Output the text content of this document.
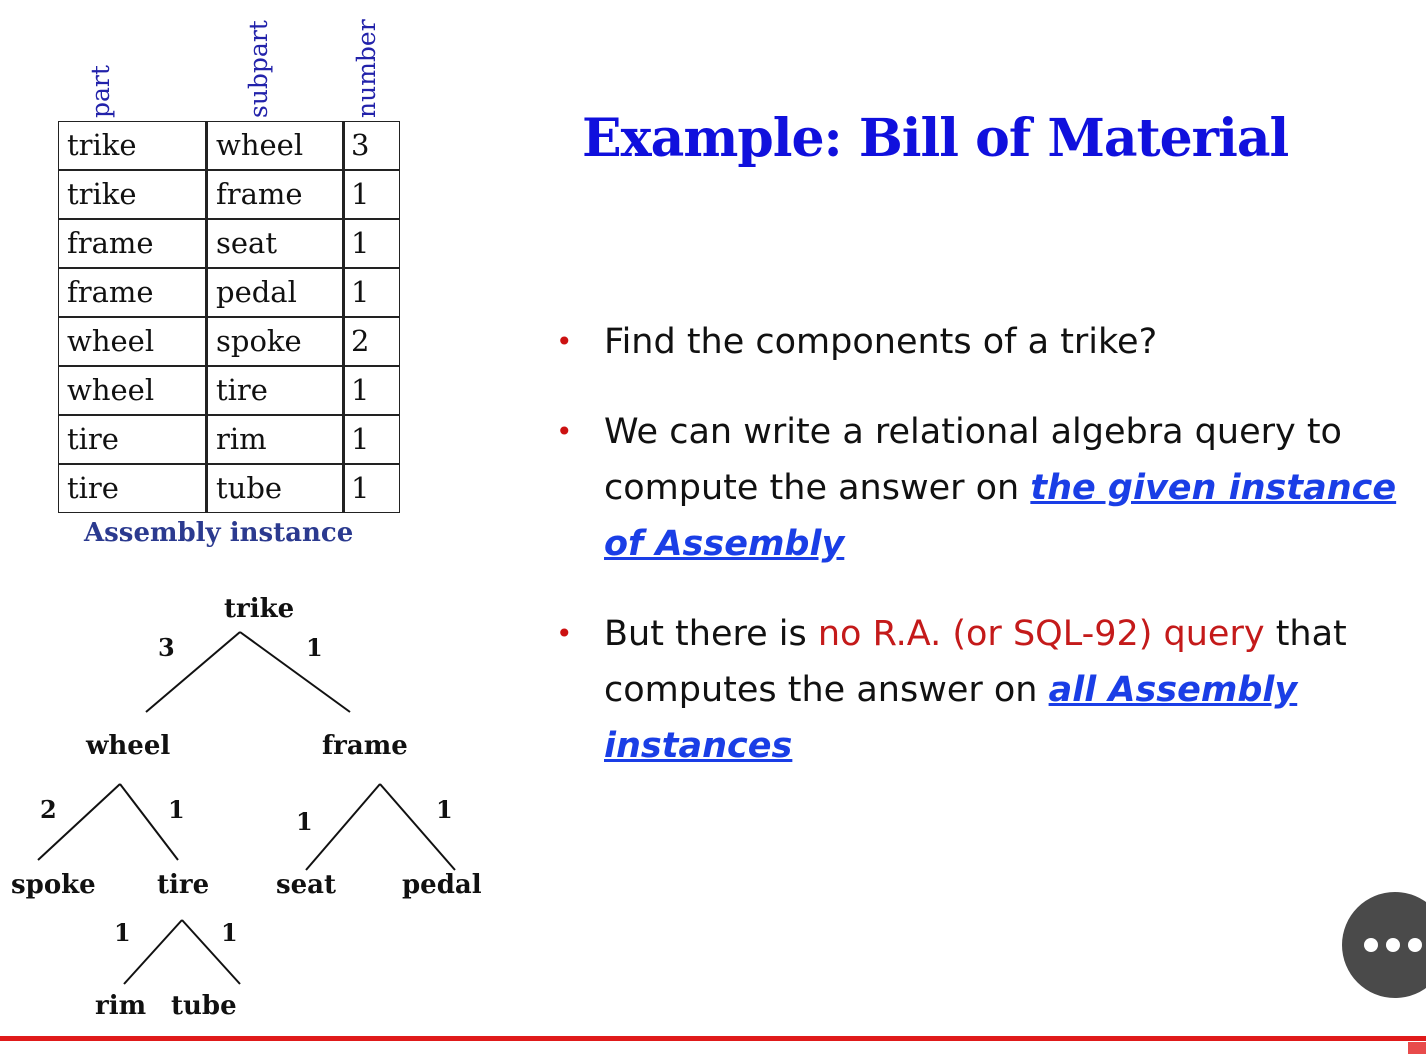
part	subpart	number
trike	wheel	3
trike	frame	1
frame	seat	1
frame	pedal	1
wheel	spoke	2
wheel	tire	1
tire	rim	1
tire	tube	1
Assembly instance
trike
wheel	frame
spoke tire	seat	pedal
rim tube
3	1
2	1	1	1
1	1
Example: Bill of Material
• Find the components of a trike?
• We can write a relational algebra query to compute the answer on the given instance of Assembly
• But there is no R.A. (or SQL-92) query that computes the answer on all Assembly instances
